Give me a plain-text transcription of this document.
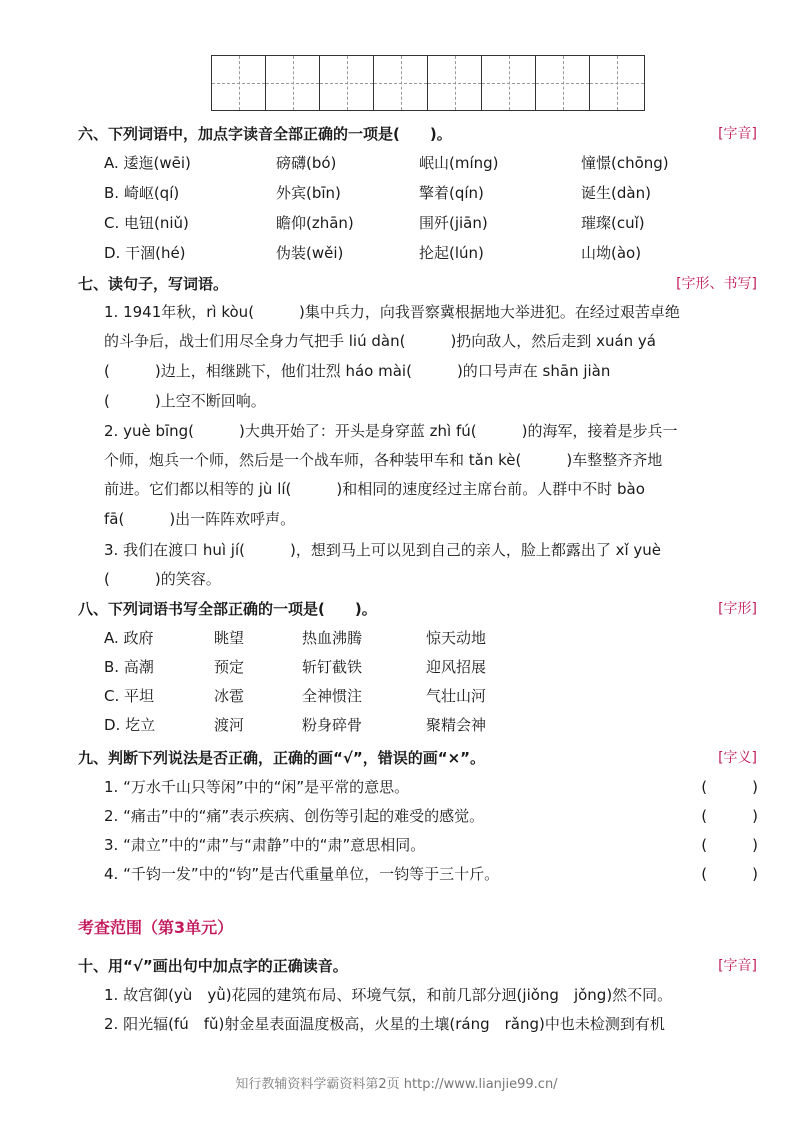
六、下列词语中，加点字读音全部正确的一项是(　　)。	[字音]
A. 逶迤(wēi)	磅礴(bó)	岷山(míng)	憧憬(chōng)
B. 崎岖(qí)	外宾(bīn)	擎着(qín)	诞生(dàn)
C. 电钮(niǔ)	瞻仰(zhān)	围歼(jiān)	璀璨(cuǐ)
D. 干涸(hé)	伪装(wěi)	抡起(lún)	山坳(ào)
七、读句子，写词语。	[字形、书写]
1. 1941年秋，rì kòu(　　　)集中兵力，向我晋察冀根据地大举进犯。在经过艰苦卓绝
的斗争后，战士们用尽全身力气把手 liú dàn(　　　)扔向敌人，然后走到 xuán yá
(　　　)边上，相继跳下，他们壮烈 háo mài(　　　)的口号声在 shān jiàn
(　　　)上空不断回响。
2. yuè bīng(　　　)大典开始了：开头是身穿蓝 zhì fú(　　　)的海军，接着是步兵一
个师，炮兵一个师，然后是一个战车师，各种装甲车和 tǎn kè(　　　)车整整齐齐地
前进。它们都以相等的 jù lí(　　　)和相同的速度经过主席台前。人群中不时 bào
fā(　　　)出一阵阵欢呼声。
3. 我们在渡口 huì jí(　　　)，想到马上可以见到自己的亲人，脸上都露出了 xǐ yuè
(　　　)的笑容。
八、下列词语书写全部正确的一项是(　　)。	[字形]
A. 政府	眺望	热血沸腾	惊天动地
B. 高潮	预定	斩钉截铁	迎风招展
C. 平坦	冰雹	全神惯注	气壮山河
D. 圪立	渡河	粉身碎骨	聚精会神
九、判断下列说法是否正确，正确的画“√”，错误的画“×”。	[字义]
1. “万水千山只等闲”中的“闲”是平常的意思。	(　　　)
2. “痛击”中的“痛”表示疾病、创伤等引起的难受的感觉。	(　　　)
3. “肃立”中的“肃”与“肃静”中的“肃”意思相同。	(　　　)
4. “千钧一发”中的“钧”是古代重量单位，一钧等于三十斤。	(　　　)
考查范围（第3单元）
十、用“√”画出句中加点字的正确读音。	[字音]
1. 故宫御(yù　yǜ)花园的建筑布局、环境气氛，和前几部分迥(jiǒng　jǒng)然不同。
2. 阳光辐(fú　fǔ)射金星表面温度极高，火星的土壤(ráng　rǎng)中也未检测到有机
知行教辅资料学霸资料第2页 http://www.lianjie99.cn/
